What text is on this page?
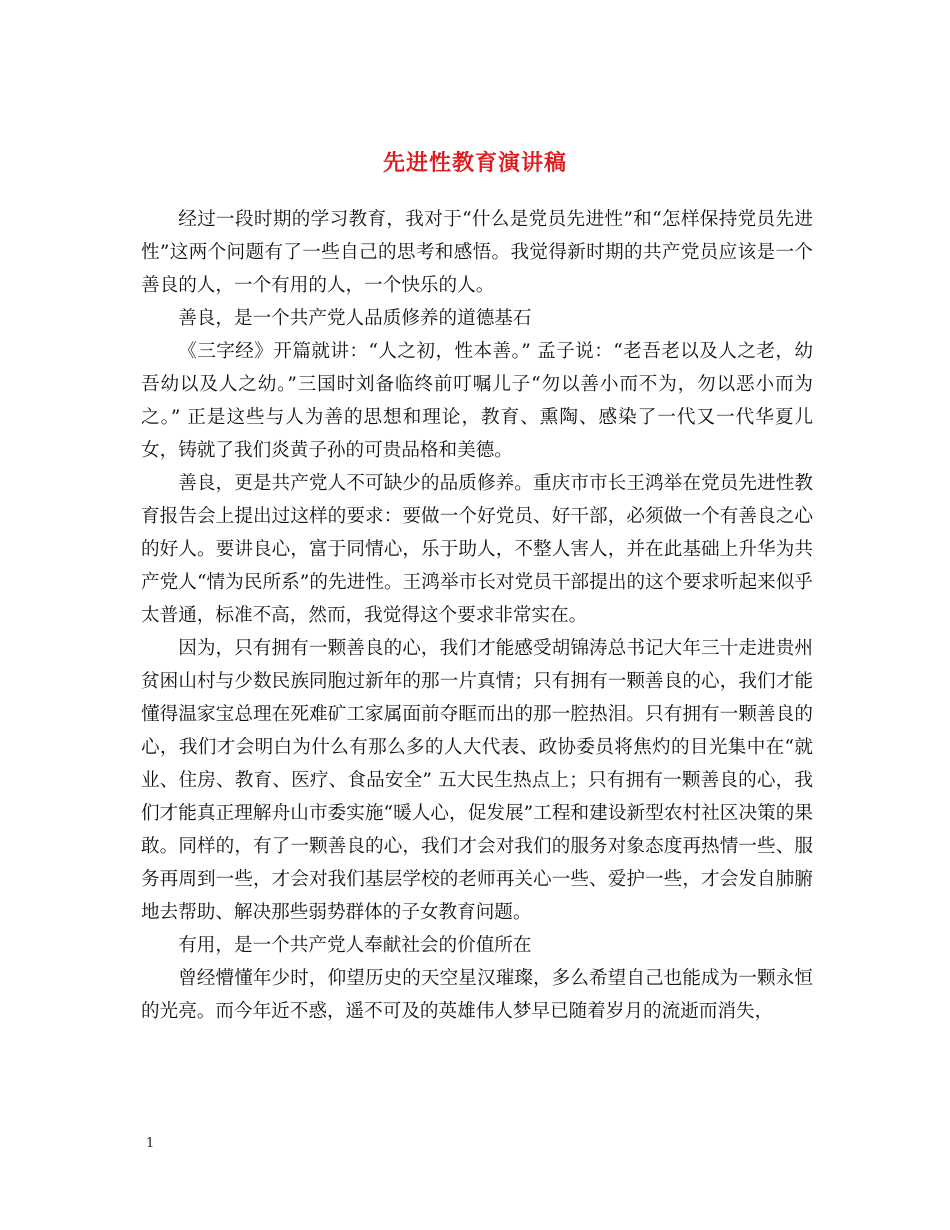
先进性教育演讲稿

经过一段时期的学习教育，我对于“什么是党员先进性”和“怎样保持党员先进性”这两个问题有了一些自己的思考和感悟。我觉得新时期的共产党员应该是一个善良的人，一个有用的人，一个快乐的人。

善良，是一个共产党人品质修养的道德基石

《三字经》开篇就讲：“人之初，性本善。” 孟子说：“老吾老以及人之老，幼吾幼以及人之幼。”三国时刘备临终前叮嘱儿子“勿以善小而不为，勿以恶小而为之。” 正是这些与人为善的思想和理论，教育、熏陶、感染了一代又一代华夏儿女，铸就了我们炎黄子孙的可贵品格和美德。

善良，更是共产党人不可缺少的品质修养。重庆市市长王鸿举在党员先进性教育报告会上提出过这样的要求：要做一个好党员、好干部，必须做一个有善良之心的好人。要讲良心，富于同情心，乐于助人，不整人害人，并在此基础上升华为共产党人“情为民所系”的先进性。王鸿举市长对党员干部提出的这个要求听起来似乎太普通，标准不高，然而，我觉得这个要求非常实在。

因为，只有拥有一颗善良的心，我们才能感受胡锦涛总书记大年三十走进贵州贫困山村与少数民族同胞过新年的那一片真情；只有拥有一颗善良的心，我们才能懂得温家宝总理在死难矿工家属面前夺眶而出的那一腔热泪。只有拥有一颗善良的心，我们才会明白为什么有那么多的人大代表、政协委员将焦灼的目光集中在“就业、住房、教育、医疗、食品安全” 五大民生热点上；只有拥有一颗善良的心，我们才能真正理解舟山市委实施“暖人心，促发展”工程和建设新型农村社区决策的果敢。同样的，有了一颗善良的心，我们才会对我们的服务对象态度再热情一些、服务再周到一些，才会对我们基层学校的老师再关心一些、爱护一些，才会发自肺腑地去帮助、解决那些弱势群体的子女教育问题。

有用，是一个共产党人奉献社会的价值所在

曾经懵懂年少时，仰望历史的天空星汉璀璨，多么希望自己也能成为一颗永恒的光亮。而今年近不惑，遥不可及的英雄伟人梦早已随着岁月的流逝而消失，

1
